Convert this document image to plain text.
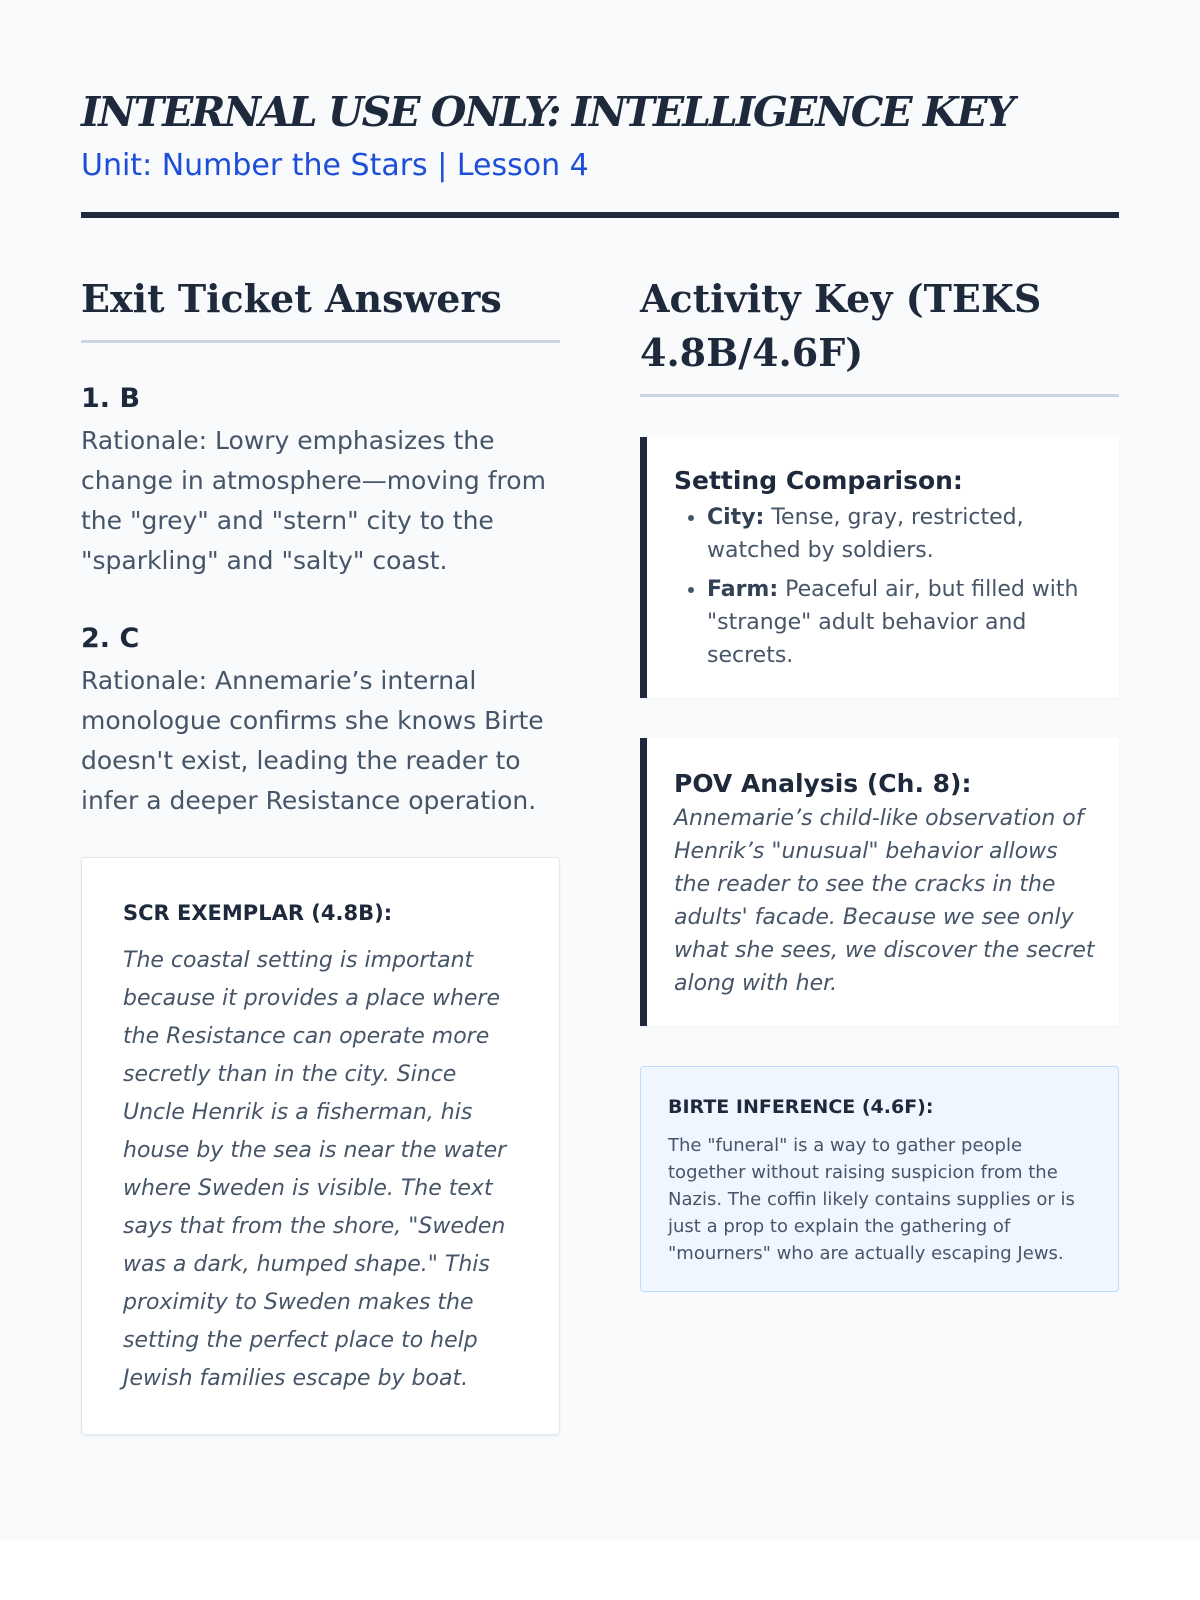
INTERNAL USE ONLY: INTELLIGENCE KEY
Unit: Number the Stars | Lesson 4
Exit Ticket Answers
1. B
Rationale: Lowry emphasizes the change in atmosphere—moving from the "grey" and "stern" city to the "sparkling" and "salty" coast.
2. C
Rationale: Annemarie’s internal monologue confirms she knows Birte doesn't exist, leading the reader to infer a deeper Resistance operation.
SCR EXEMPLAR (4.8B):
The coastal setting is important because it provides a place where the Resistance can operate more secretly than in the city. Since Uncle Henrik is a fisherman, his house by the sea is near the water where Sweden is visible. The text says that from the shore, "Sweden was a dark, humped shape." This proximity to Sweden makes the setting the perfect place to help Jewish families escape by boat.
Activity Key (TEKS 4.8B/4.6F)
Setting Comparison:
• City: Tense, gray, restricted, watched by soldiers.
• Farm: Peaceful air, but filled with "strange" adult behavior and secrets.
POV Analysis (Ch. 8):
Annemarie’s child-like observation of Henrik’s "unusual" behavior allows the reader to see the cracks in the adults' facade. Because we see only what she sees, we discover the secret along with her.
BIRTE INFERENCE (4.6F):
The "funeral" is a way to gather people together without raising suspicion from the Nazis. The coffin likely contains supplies or is just a prop to explain the gathering of "mourners" who are actually escaping Jews.
